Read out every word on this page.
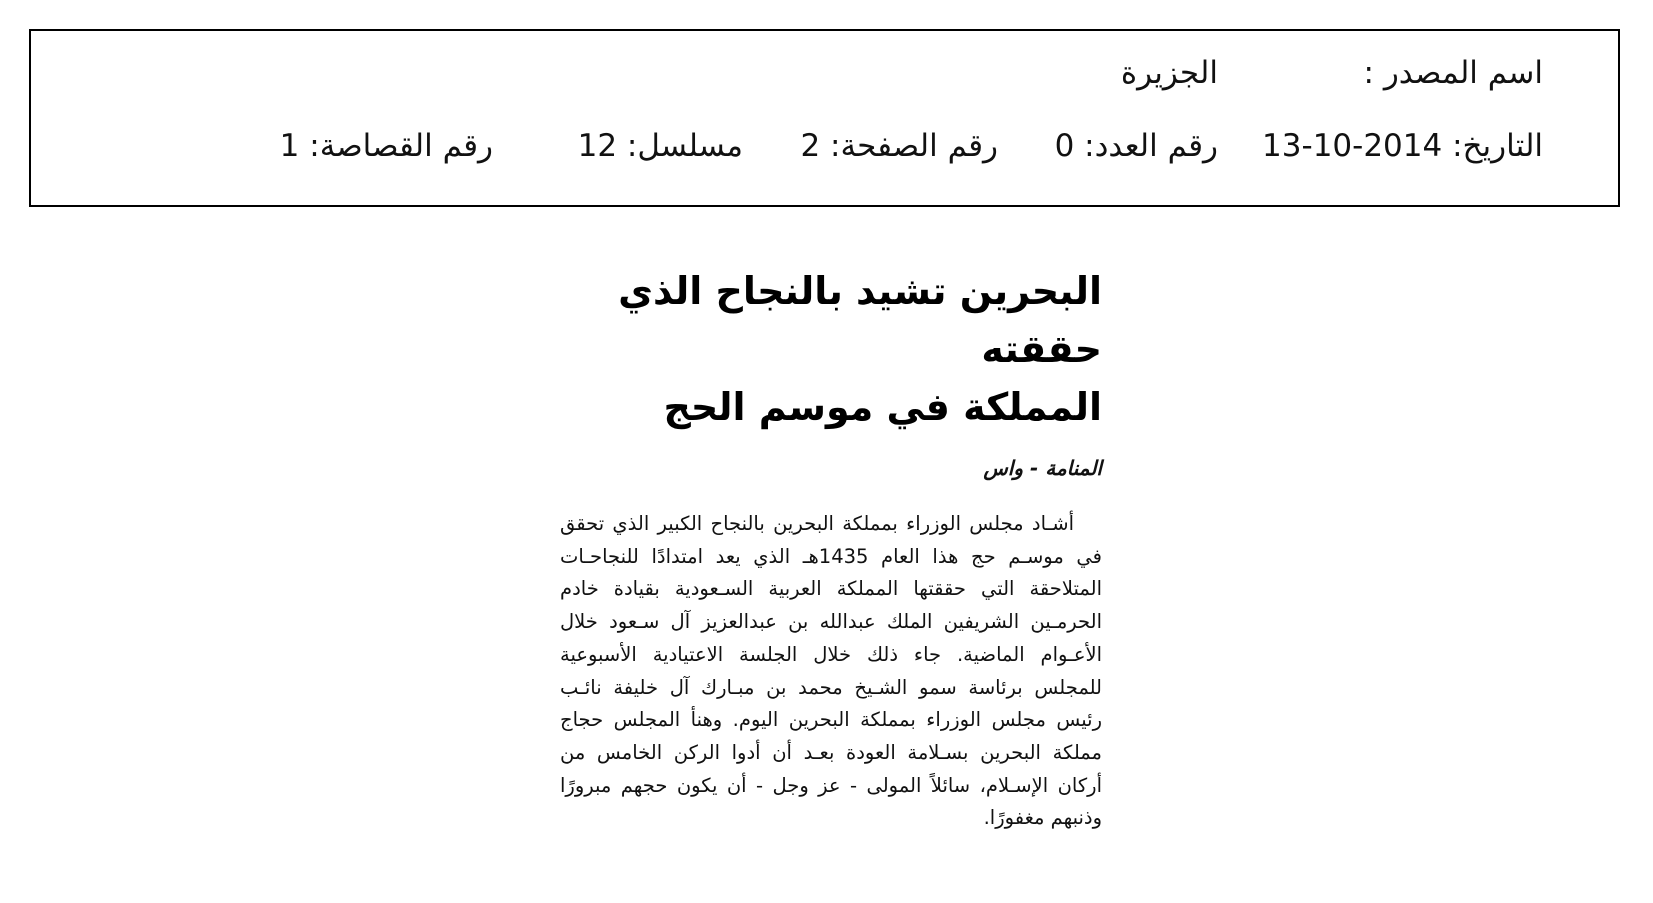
اسم المصدر :
الجزيرة
التاريخ: 2014-10-13
رقم العدد: 0
رقم الصفحة: 2
مسلسل: 12
رقم القصاصة: 1
البحرين تشيد بالنجاح الذي حققته
المملكة في موسم الحج
المنامة - واس
أشـاد مجلس الوزراء بمملكة البحرين بالنجاح الكبير الذي تحقق في موسـم حج هذا العام 1435هـ الذي يعد امتدادًا للنجاحـات المتلاحقة التي حققتها المملكة العربية السـعودية بقيادة خادم الحرمـين الشريفين الملك عبدالله بن عبدالعزيز آل سـعود خلال الأعـوام الماضية. جاء ذلك خلال الجلسة الاعتيادية الأسبوعية للمجلس برئاسة سمو الشـيخ محمد بن مبـارك آل خليفة نائـب رئيس مجلس الوزراء بمملكة البحرين اليوم. وهنأ المجلس حجاج مملكة البحرين بسـلامة العودة بعـد أن أدوا الركن الخامس من أركان الإسـلام، سائلاً المولى - عز وجل - أن يكون حجهم مبرورًا وذنبهم مغفورًا.
